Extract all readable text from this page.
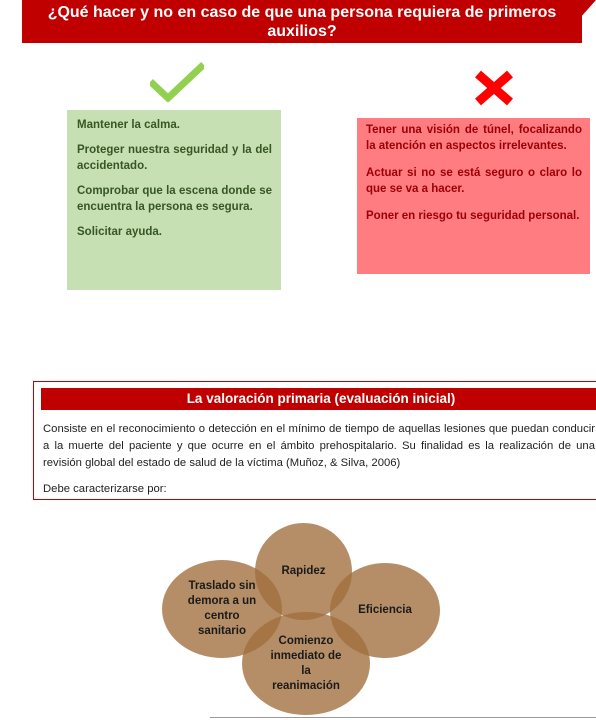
¿Qué hacer y no en caso de que una persona requiera de primeros auxilios?

Mantener la calma.

Proteger nuestra seguridad y la del accidentado.

Comprobar que la escena donde se encuentra la persona es segura.

Solicitar ayuda.

Tener una visión de túnel, focalizando la atención en aspectos irrelevantes.

Actuar si no se está seguro o claro lo que se va a hacer.

Poner en riesgo tu seguridad personal.

La valoración primaria (evaluación inicial)

Consiste en el reconocimiento o detección en el mínimo de tiempo de aquellas lesiones que puedan conducir a la muerte del paciente y que ocurre en el ámbito prehospitalario. Su finalidad es la realización de una revisión global del estado de salud de la víctima (Muñoz, & Silva, 2006)

Debe caracterizarse por:

Rapidez
Eficiencia
Traslado sin demora a un centro sanitario
Comienzo inmediato de la reanimación
